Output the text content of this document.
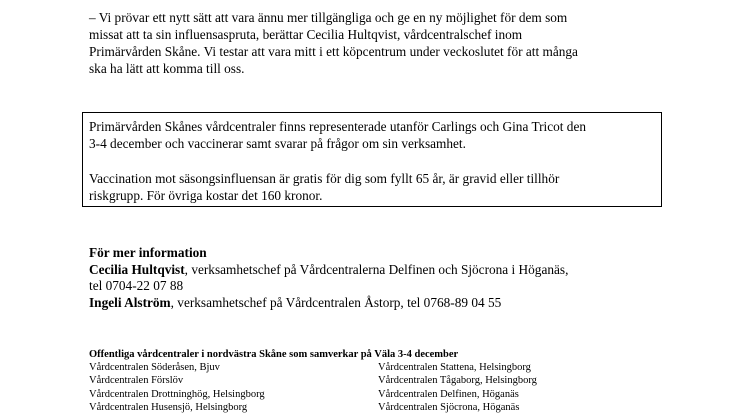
– Vi prövar ett nytt sätt att vara ännu mer tillgängliga och ge en ny möjlighet för dem som
missat att ta sin influensaspruta, berättar Cecilia Hultqvist, vårdcentralschef inom
Primärvården Skåne. Vi testar att vara mitt i ett köpcentrum under veckoslutet för att många
ska ha lätt att komma till oss.

Primärvården Skånes vårdcentraler finns representerade utanför Carlings och Gina Tricot den
3-4 december och vaccinerar samt svarar på frågor om sin verksamhet.

Vaccination mot säsongsinfluensan är gratis för dig som fyllt 65 år, är gravid eller tillhör
riskgrupp. För övriga kostar det 160 kronor.

För mer information
Cecilia Hultqvist, verksamhetschef på Vårdcentralerna Delfinen och Sjöcrona i Höganäs,
tel 0704-22 07 88
Ingeli Alström, verksamhetschef på Vårdcentralen Åstorp, tel 0768-89 04 55
Offentliga vårdcentraler i nordvästra Skåne som samverkar på Väla 3-4 december
Vårdcentralen Söderåsen, Bjuv
Vårdcentralen Förslöv
Vårdcentralen Drottninghög, Helsingborg
Vårdcentralen Husensjö, Helsingborg
Vårdcentralen Stattena, Helsingborg
Vårdcentralen Tågaborg, Helsingborg
Vårdcentralen Delfinen, Höganäs
Vårdcentralen Sjöcrona, Höganäs
